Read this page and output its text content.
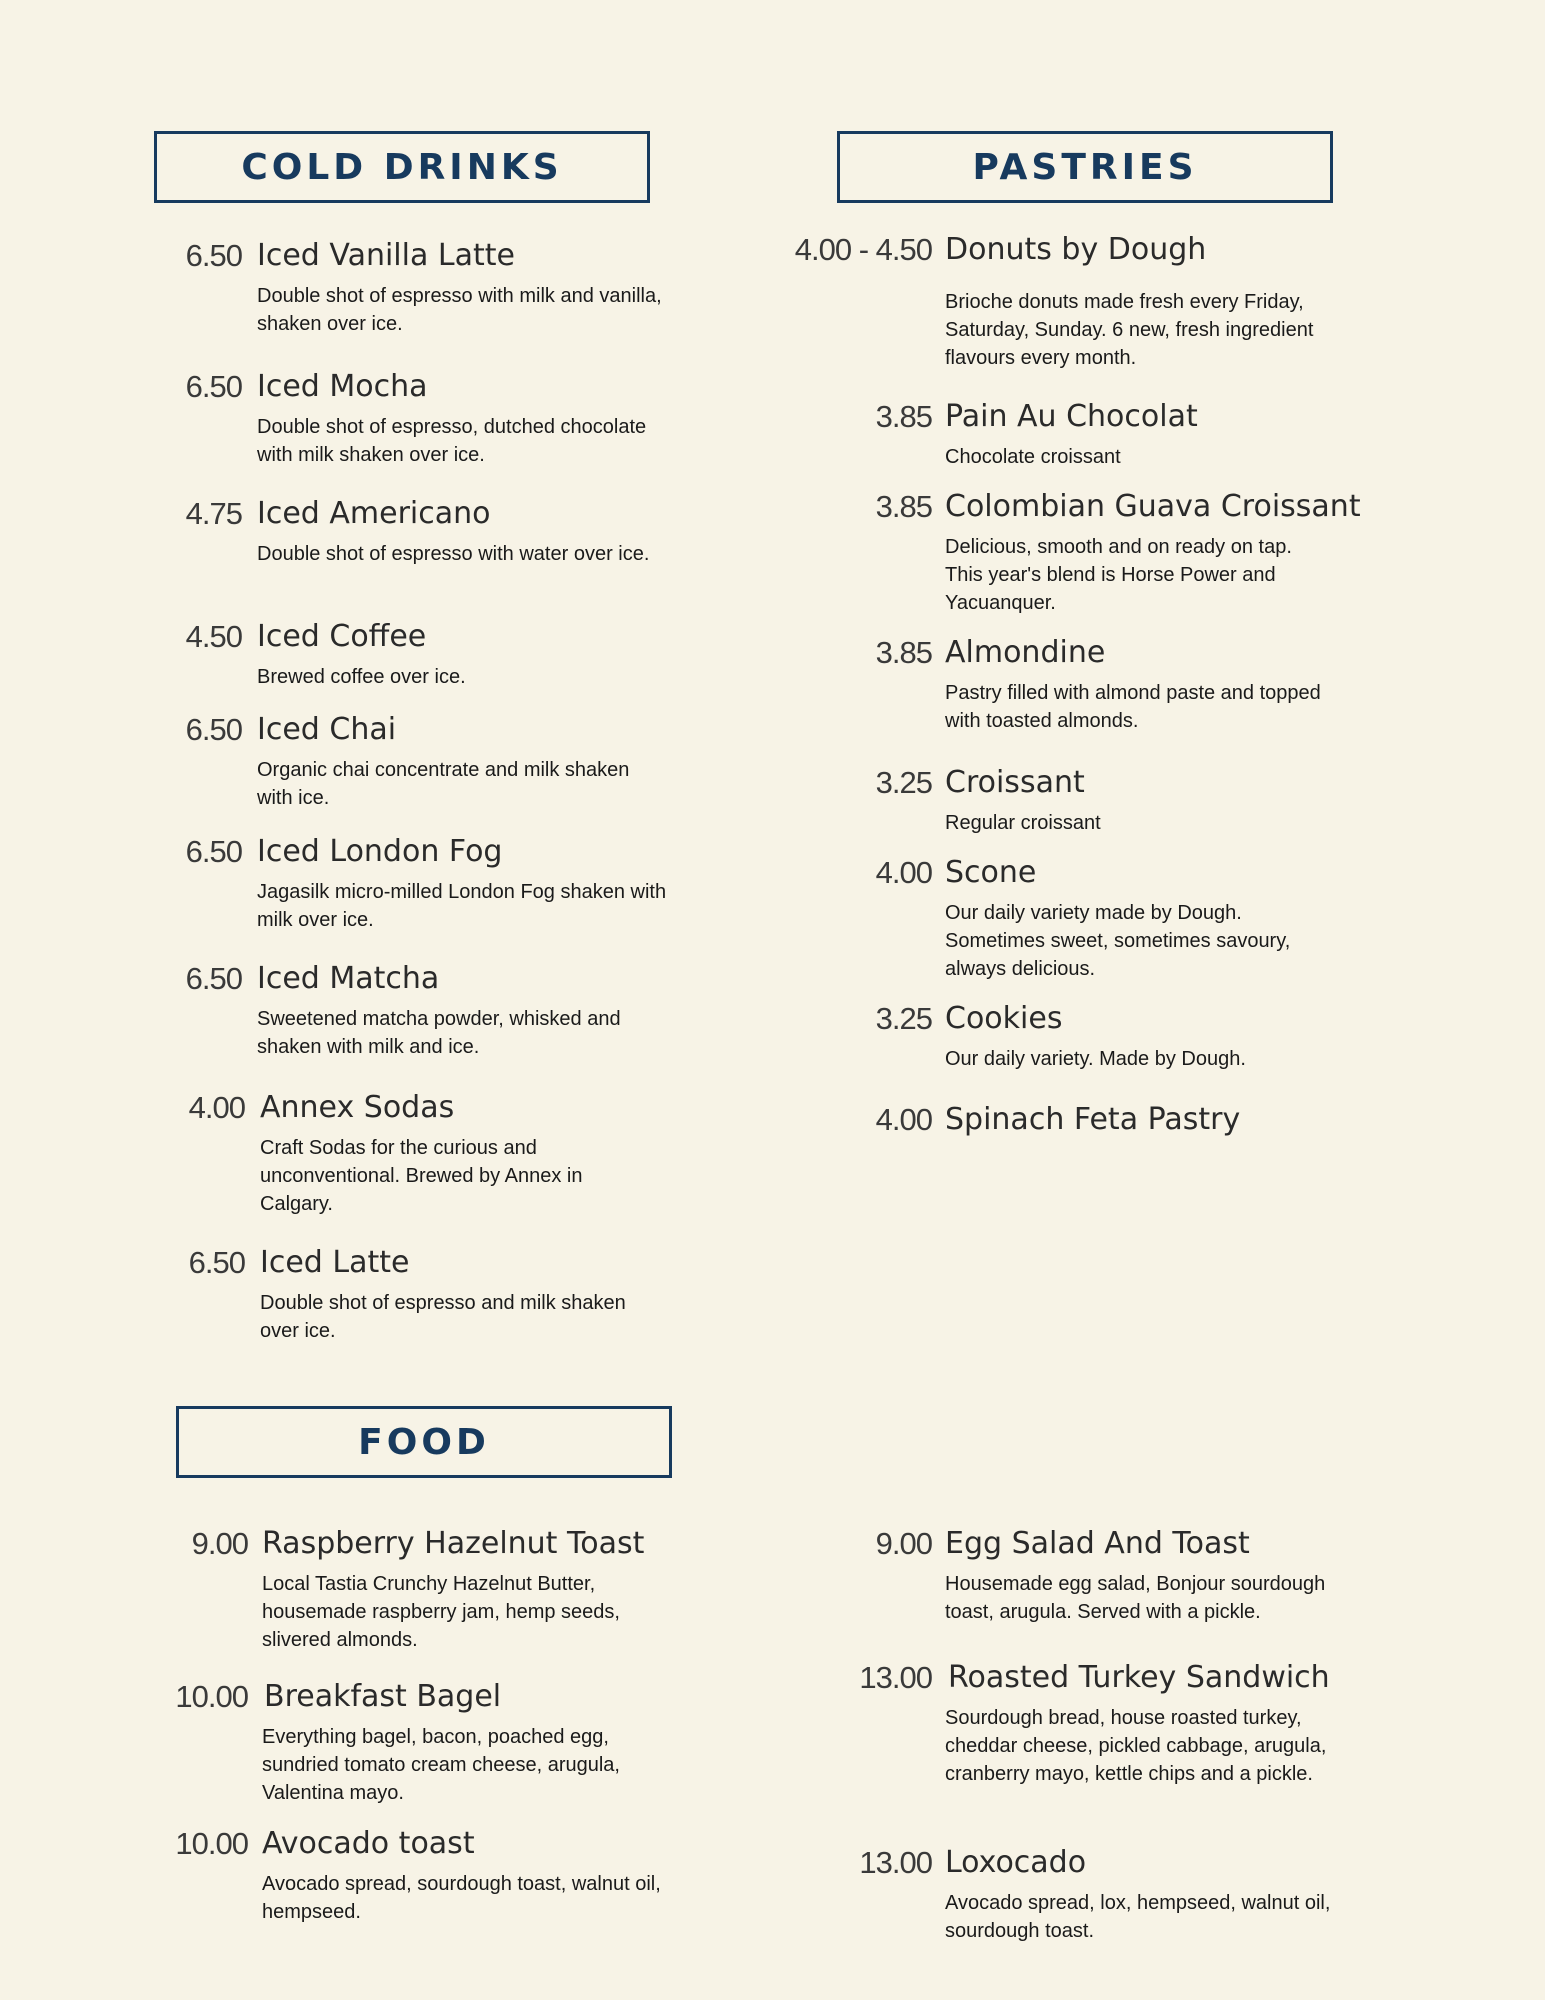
COLD DRINKS	PASTRIES
FOOD
6.50 Iced Vanilla Latte
Double shot of espresso with milk and vanilla, shaken over ice.
6.50 Iced Mocha
Double shot of espresso, dutched chocolate with milk shaken over ice.
4.75 Iced Americano
Double shot of espresso with water over ice.
4.50 Iced Coffee
Brewed coffee over ice.
6.50 Iced Chai
Organic chai concentrate and milk shaken with ice.
6.50 Iced London Fog
Jagasilk micro-milled London Fog shaken with milk over ice.
6.50 Iced Matcha
Sweetened matcha powder, whisked and shaken with milk and ice.
4.00 Annex Sodas
Craft Sodas for the curious and unconventional. Brewed by Annex in Calgary.
6.50 Iced Latte
Double shot of espresso and milk shaken over ice.
4.00 - 4.50 Donuts by Dough
Brioche donuts made fresh every Friday, Saturday, Sunday. 6 new, fresh ingredient flavours every month.
3.85 Pain Au Chocolat
Chocolate croissant
3.85 Colombian Guava Croissant
Delicious, smooth and on ready on tap. This year's blend is Horse Power and Yacuanquer.
3.85 Almondine
Pastry filled with almond paste and topped with toasted almonds.
3.25 Croissant
Regular croissant
4.00 Scone
Our daily variety made by Dough. Sometimes sweet, sometimes savoury, always delicious.
3.25 Cookies
Our daily variety. Made by Dough.
4.00 Spinach Feta Pastry
9.00 Raspberry Hazelnut Toast
Local Tastia Crunchy Hazelnut Butter, housemade raspberry jam, hemp seeds, slivered almonds.
10.00 Breakfast Bagel
Everything bagel, bacon, poached egg, sundried tomato cream cheese, arugula, Valentina mayo.
10.00 Avocado toast
Avocado spread, sourdough toast, walnut oil, hempseed.
9.00 Egg Salad And Toast
Housemade egg salad, Bonjour sourdough toast, arugula. Served with a pickle.
13.00 Roasted Turkey Sandwich
Sourdough bread, house roasted turkey, cheddar cheese, pickled cabbage, arugula, cranberry mayo, kettle chips and a pickle.
13.00 Loxocado
Avocado spread, lox, hempseed, walnut oil, sourdough toast.
